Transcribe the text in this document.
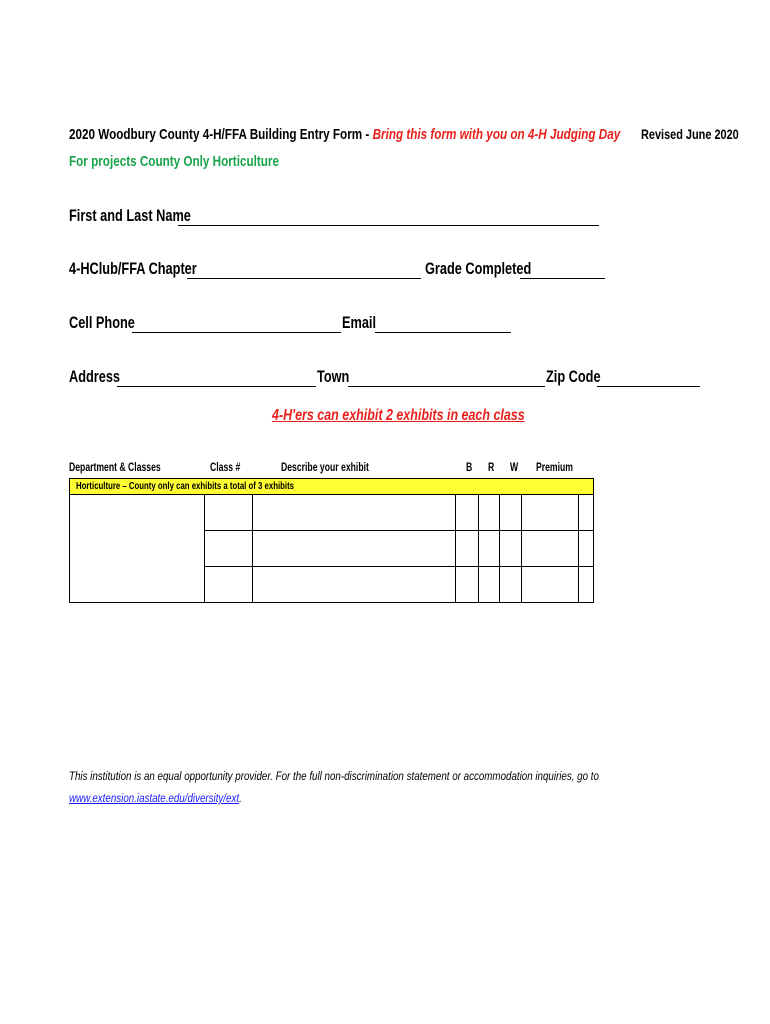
2020 Woodbury County 4-H/FFA Building Entry Form - Bring this form with you on 4-H Judging Day Revised June 2020
For projects County Only Horticulture
First and Last Name
4-HClub/FFA Chapter	Grade Completed
Cell Phone	Email
Address	Town	Zip Code
4-H'ers can exhibit 2 exhibits in each class
Department & Classes	Class #	Describe your exhibit	B R W Premium
Horticulture – County only can exhibits a total of 3 exhibits
This institution is an equal opportunity provider. For the full non-discrimination statement or accommodation inquiries, go to
www.extension.iastate.edu/diversity/ext.
